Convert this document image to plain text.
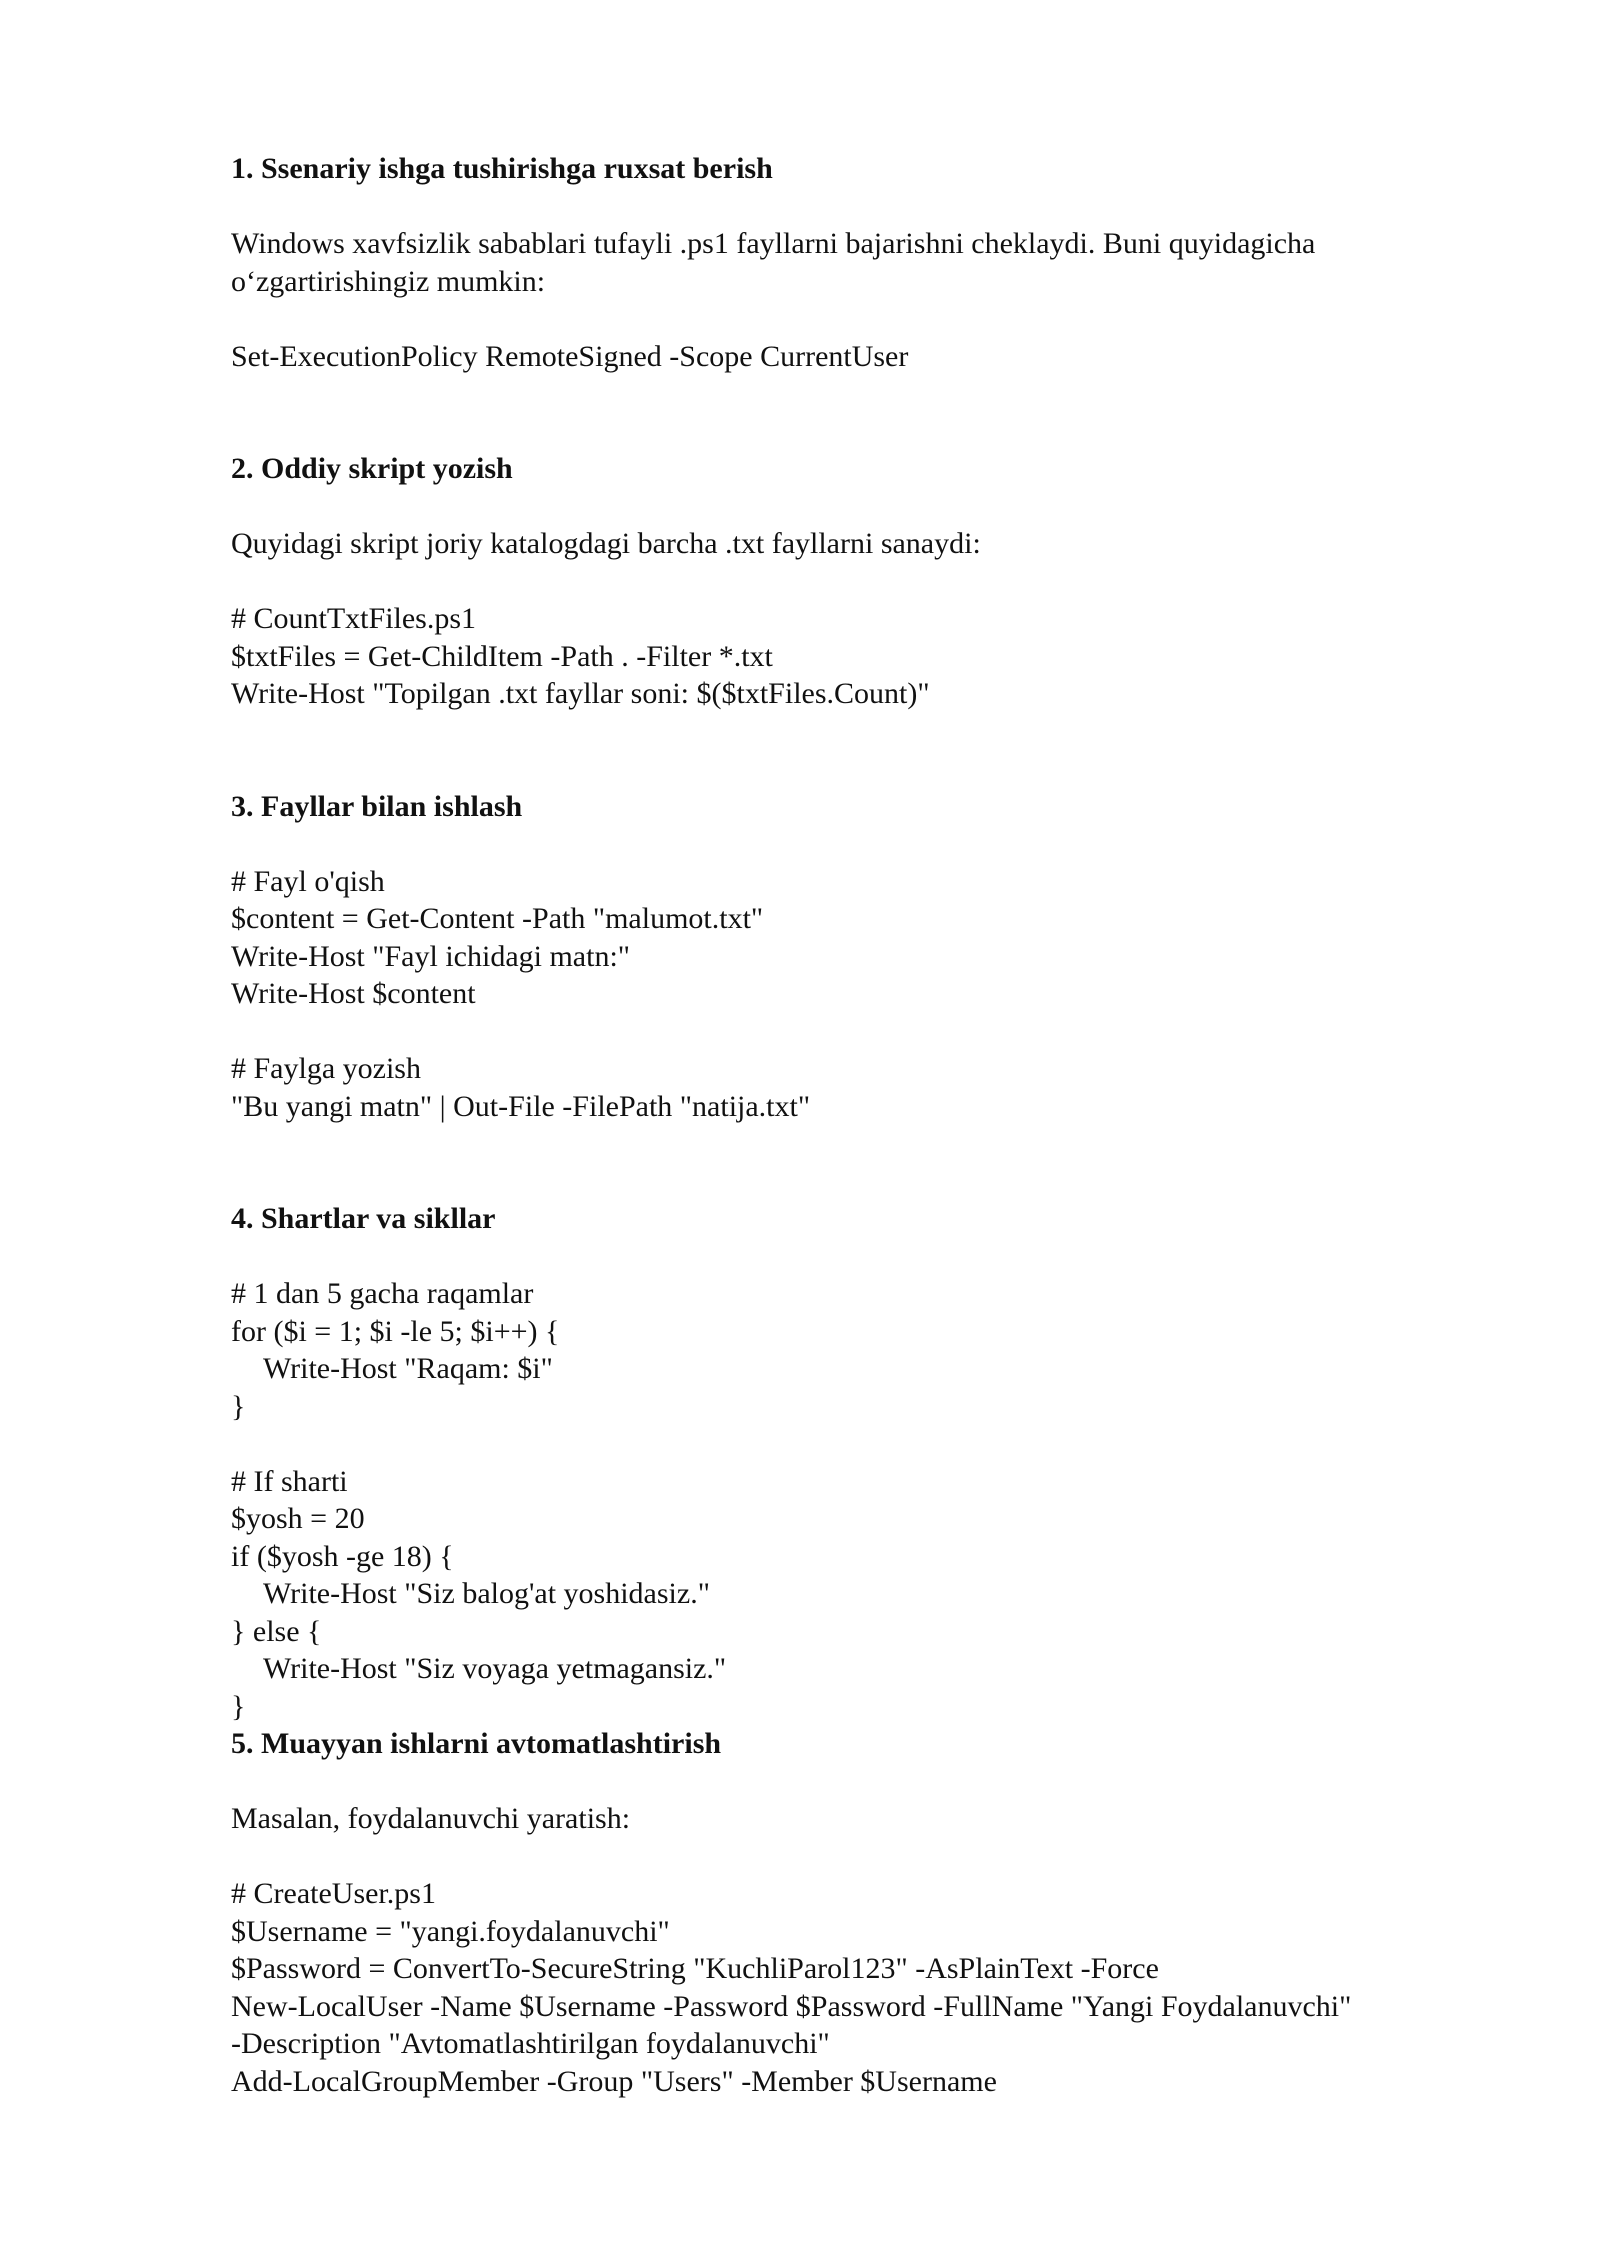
1. Ssenariy ishga tushirishga ruxsat berish
Windows xavfsizlik sabablari tufayli .ps1 fayllarni bajarishni cheklaydi. Buni quyidagicha o‘zgartirishingiz mumkin:
Set-ExecutionPolicy RemoteSigned -Scope CurrentUser
2. Oddiy skript yozish
Quyidagi skript joriy katalogdagi barcha .txt fayllarni sanaydi:
# CountTxtFiles.ps1
$txtFiles = Get-ChildItem -Path . -Filter *.txt
Write-Host "Topilgan .txt fayllar soni: $($txtFiles.Count)"
3. Fayllar bilan ishlash
# Fayl o'qish
$content = Get-Content -Path "malumot.txt"
Write-Host "Fayl ichidagi matn:"
Write-Host $content
# Faylga yozish
"Bu yangi matn" | Out-File -FilePath "natija.txt"
4. Shartlar va sikllar
# 1 dan 5 gacha raqamlar
for ($i = 1; $i -le 5; $i++) {
Write-Host "Raqam: $i"
}
# If sharti
$yosh = 20
if ($yosh -ge 18) {
Write-Host "Siz balog'at yoshidasiz."
} else {
Write-Host "Siz voyaga yetmagansiz."
}
5. Muayyan ishlarni avtomatlashtirish
Masalan, foydalanuvchi yaratish:
# CreateUser.ps1
$Username = "yangi.foydalanuvchi"
$Password = ConvertTo-SecureString "KuchliParol123" -AsPlainText -Force
New-LocalUser -Name $Username -Password $Password -FullName "Yangi Foydalanuvchi"
-Description "Avtomatlashtirilgan foydalanuvchi"
Add-LocalGroupMember -Group "Users" -Member $Username
